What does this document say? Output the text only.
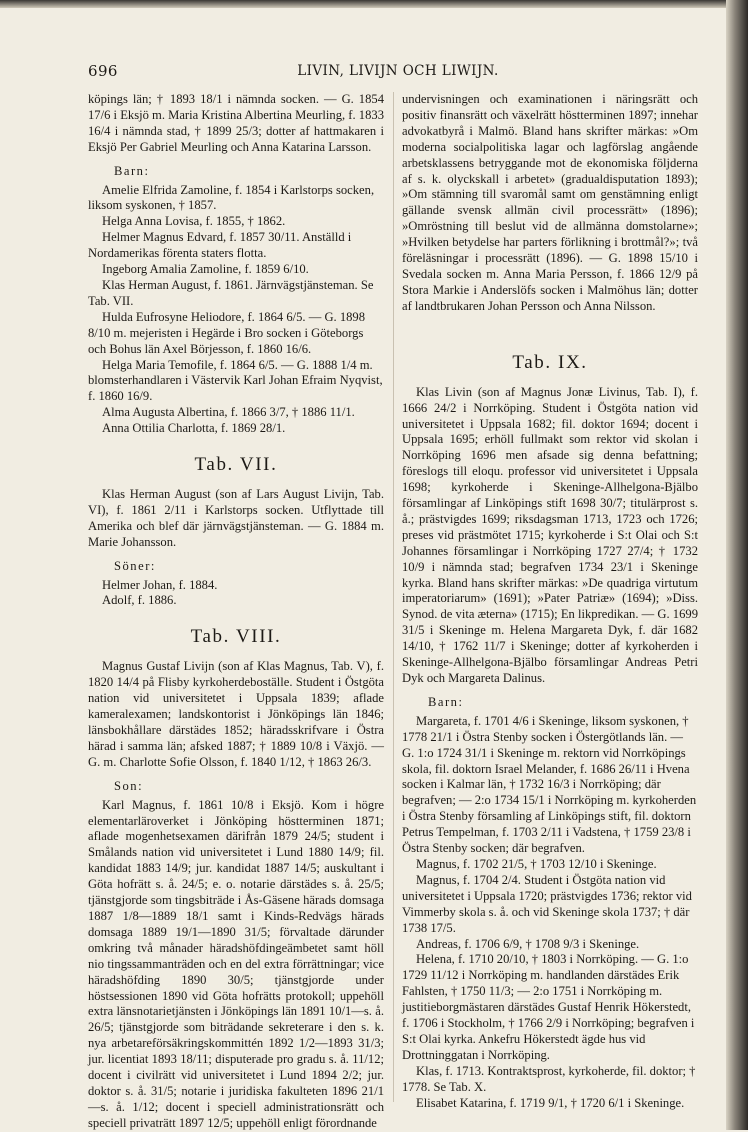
696	LIVIN, LIVIJN OCH LIWIJN.

köpings län; † 1893 18/1 i nämnda socken. — G. 1854 17/6 i Eksjö m. Maria Kristina Albertina Meurling, f. 1833 16/4 i nämnda stad, † 1899 25/3; dotter af hattmakaren i Eksjö Per Gabriel Meurling och Anna Katarina Larsson.

Barn:

Amelie Elfrida Zamoline, f. 1854 i Karlstorps socken, liksom syskonen, † 1857.

Helga Anna Lovisa, f. 1855, † 1862.

Helmer Magnus Edvard, f. 1857 30/11. Anställd i Nordamerikas förenta staters flotta.

Ingeborg Amalia Zamoline, f. 1859 6/10.

Klas Herman August, f. 1861. Järnvägstjänsteman. Se Tab. VII.

Hulda Eufrosyne Heliodore, f. 1864 6/5. — G. 1898 8/10 m. mejeristen i Hegärde i Bro socken i Göteborgs och Bohus län Axel Börjesson, f. 1860 16/6.

Helga Maria Temofile, f. 1864 6/5. — G. 1888 1/4 m. blomsterhandlaren i Västervik Karl Johan Efraim Nyqvist, f. 1860 16/9.

Alma Augusta Albertina, f. 1866 3/7, † 1886 11/1.

Anna Ottilia Charlotta, f. 1869 28/1.

Tab. VII.

Klas Herman August (son af Lars August Livijn, Tab. VI), f. 1861 2/11 i Karlstorps socken. Utflyttade till Amerika och blef där järnvägstjänsteman. — G. 1884 m. Marie Johansson.

Söner:

Helmer Johan, f. 1884.

Adolf, f. 1886.

Tab. VIII.

Magnus Gustaf Livijn (son af Klas Magnus, Tab. V), f. 1820 14/4 på Flisby kyrkoherdeboställe. Student i Östgöta nation vid universitetet i Uppsala 1839; aflade kameralexamen; landskontorist i Jönköpings län 1846; länsbokhållare därstädes 1852; häradsskrifvare i Östra härad i samma län; afsked 1887; † 1889 10/8 i Växjö. — G. m. Charlotte Sofie Olsson, f. 1840 1/12, † 1863 26/3.

Son:

Karl Magnus, f. 1861 10/8 i Eksjö. Kom i högre elementarläroverket i Jönköping höstterminen 1871; aflade mogenhetsexamen därifrån 1879 24/5; student i Smålands nation vid universitetet i Lund 1880 14/9; fil. kandidat 1883 14/9; jur. kandidat 1887 14/5; auskultant i Göta hofrätt s. å. 24/5; e. o. notarie därstädes s. å. 25/5; tjänstgjorde som tingsbiträde i Ås-Gäsene härads domsaga 1887 1/8—1889 18/1 samt i Kinds-Redvägs härads domsaga 1889 19/1—1890 31/5; förvaltade därunder omkring två månader häradshöfdingeämbetet samt höll nio tingssammanträden och en del extra förrättningar; vice häradshöfding 1890 30/5; tjänstgjorde under höstsessionen 1890 vid Göta hofrätts protokoll; uppehöll extra länsnotarietjänsten i Jönköpings län 1891 10/1—s. å. 26/5; tjänstgjorde som biträdande sekreterare i den s. k. nya arbetareförsäkringskommittén 1892 1/2—1893 31/3; jur. licentiat 1893 18/11; disputerade pro gradu s. å. 11/12; docent i civilrätt vid universitetet i Lund 1894 2/2; jur. doktor s. å. 31/5; notarie i juridiska fakulteten 1896 21/1—s. å. 1/12; docent i speciell administrationsrätt och speciell privaträtt 1897 12/5; uppehöll enligt förordnande

undervisningen och examinationen i näringsrätt och positiv finansrätt och växelrätt höstterminen 1897; innehar advokatbyrå i Malmö. Bland hans skrifter märkas: »Om moderna socialpolitiska lagar och lagförslag angående arbetsklassens betryggande mot de ekonomiska följderna af s. k. olyckskall i arbetet» (gradualdisputation 1893); »Om stämning till svaromål samt om genstämning enligt gällande svensk allmän civil processrätt» (1896); »Omröstning till beslut vid de allmänna domstolarne»; »Hvilken betydelse har parters förlikning i brottmål?»; två föreläsningar i processrätt (1896). — G. 1898 15/10 i Svedala socken m. Anna Maria Persson, f. 1866 12/9 på Stora Markie i Anderslöfs socken i Malmöhus län; dotter af landtbrukaren Johan Persson och Anna Nilsson.

Tab. IX.

Klas Livin (son af Magnus Jonæ Livinus, Tab. I), f. 1666 24/2 i Norrköping. Student i Östgöta nation vid universitetet i Uppsala 1682; fil. doktor 1694; docent i Uppsala 1695; erhöll fullmakt som rektor vid skolan i Norrköping 1696 men afsade sig denna befattning; föreslogs till eloqu. professor vid universitetet i Uppsala 1698; kyrkoherde i Skeninge-Allhelgona-Bjälbo församlingar af Linköpings stift 1698 30/7; titulärprost s. å.; prästvigdes 1699; riksdagsman 1713, 1723 och 1726; preses vid prästmötet 1715; kyrkoherde i S:t Olai och S:t Johannes församlingar i Norrköping 1727 27/4; † 1732 10/9 i nämnda stad; begrafven 1734 23/1 i Skeninge kyrka. Bland hans skrifter märkas: »De quadriga virtutum imperatoriarum» (1691); »Pater Patriæ» (1694); »Diss. Synod. de vita æterna» (1715); En likpredikan. — G. 1699 31/5 i Skeninge m. Helena Margareta Dyk, f. där 1682 14/10, † 1762 11/7 i Skeninge; dotter af kyrkoherden i Skeninge-Allhelgona-Bjälbo församlingar Andreas Petri Dyk och Margareta Dalinus.

Barn:

Margareta, f. 1701 4/6 i Skeninge, liksom syskonen, † 1778 21/1 i Östra Stenby socken i Östergötlands län. — G. 1:o 1724 31/1 i Skeninge m. rektorn vid Norrköpings skola, fil. doktorn Israel Melander, f. 1686 26/11 i Hvena socken i Kalmar län, † 1732 16/3 i Norrköping; där begrafven; — 2:o 1734 15/1 i Norrköping m. kyrkoherden i Östra Stenby församling af Linköpings stift, fil. doktorn Petrus Tempelman, f. 1703 2/11 i Vadstena, † 1759 23/8 i Östra Stenby socken; där begrafven.

Magnus, f. 1702 21/5, † 1703 12/10 i Skeninge.

Magnus, f. 1704 2/4. Student i Östgöta nation vid universitetet i Uppsala 1720; prästvigdes 1736; rektor vid Vimmerby skola s. å. och vid Skeninge skola 1737; † där 1738 17/5.

Andreas, f. 1706 6/9, † 1708 9/3 i Skeninge.

Helena, f. 1710 20/10, † 1803 i Norrköping. — G. 1:o 1729 11/12 i Norrköping m. handlanden därstädes Erik Fahlsten, † 1750 11/3; — 2:o 1751 i Norrköping m. justitieborgmästaren därstädes Gustaf Henrik Hökerstedt, f. 1706 i Stockholm, † 1766 2/9 i Norrköping; begrafven i S:t Olai kyrka. Ankefru Hökerstedt ägde hus vid Drottninggatan i Norrköping.

Klas, f. 1713. Kontraktsprost, kyrkoherde, fil. doktor; † 1778. Se Tab. X.

Elisabet Katarina, f. 1719 9/1, † 1720 6/1 i Skeninge.
